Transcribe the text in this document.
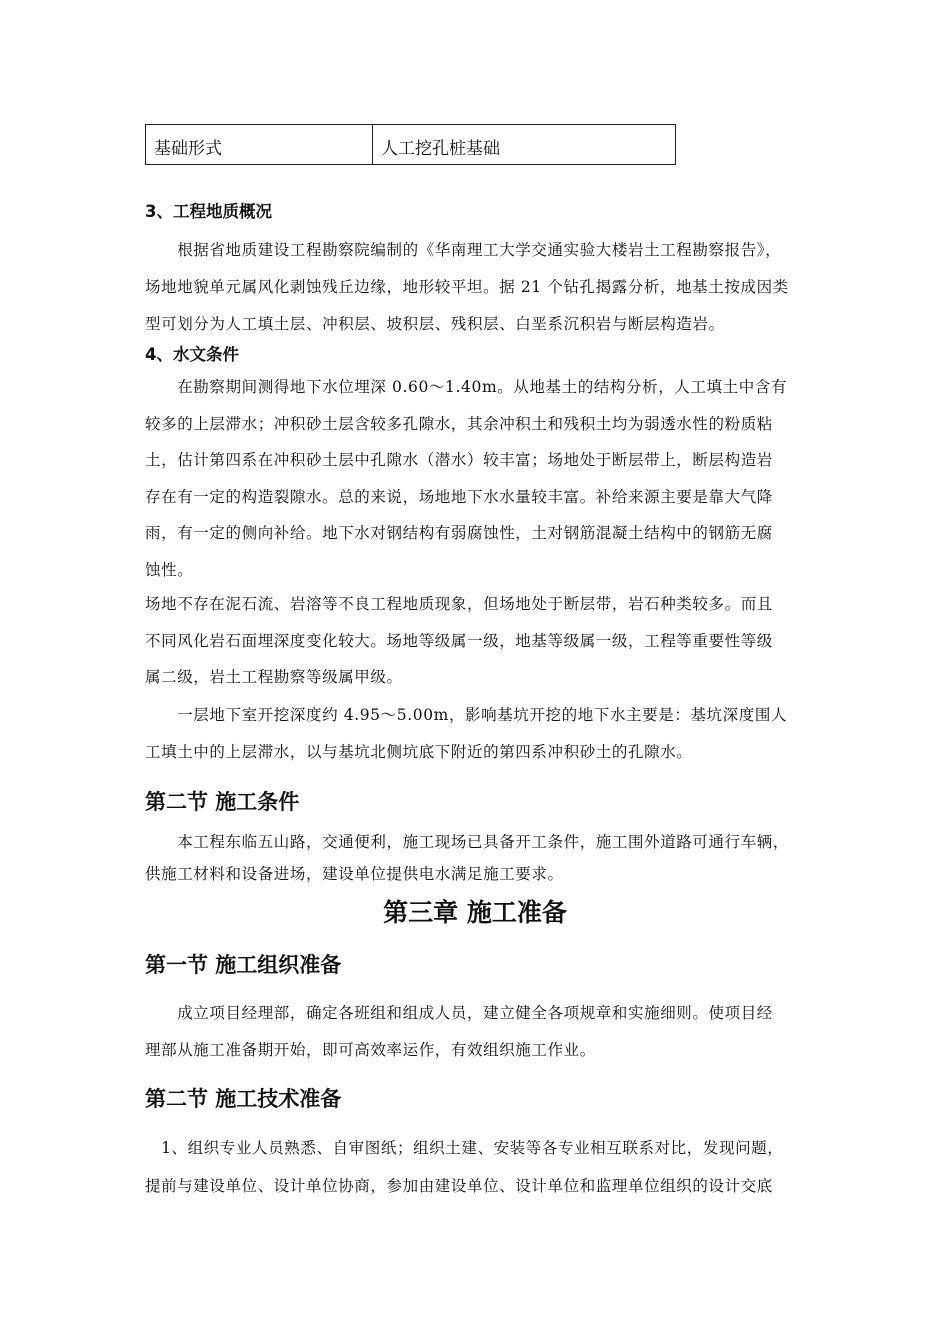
基础形式	人工挖孔桩基础
3、工程地质概况

　　根据省地质建设工程勘察院编制的《华南理工大学交通实验大楼岩土工程勘察报告》，

场地地貌单元属风化剥蚀残丘边缘，地形较平坦。据 21 个钻孔揭露分析，地基土按成因类

型可划分为人工填土层、冲积层、坡积层、残积层、白垩系沉积岩与断层构造岩。

4、水文条件

　　在勘察期间测得地下水位埋深 0.60～1.40m。从地基土的结构分析，人工填土中含有

较多的上层滞水；冲积砂土层含较多孔隙水，其余冲积土和残积土均为弱透水性的粉质粘

土，估计第四系在冲积砂土层中孔隙水（潜水）较丰富；场地处于断层带上，断层构造岩

存在有一定的构造裂隙水。总的来说，场地地下水水量较丰富。补给来源主要是靠大气降

雨，有一定的侧向补给。地下水对钢结构有弱腐蚀性，土对钢筋混凝土结构中的钢筋无腐

蚀性。

场地不存在泥石流、岩溶等不良工程地质现象，但场地处于断层带，岩石种类较多。而且

不同风化岩石面埋深度变化较大。场地等级属一级，地基等级属一级，工程等重要性等级

属二级，岩土工程勘察等级属甲级。

　　一层地下室开挖深度约 4.95～5.00m，影响基坑开挖的地下水主要是：基坑深度围人

工填土中的上层滞水，以与基坑北侧坑底下附近的第四系冲积砂土的孔隙水。

第二节 施工条件

　　本工程东临五山路，交通便利，施工现场已具备开工条件，施工围外道路可通行车辆，

供施工材料和设备进场，建设单位提供电水满足施工要求。

第三章 施工准备
第一节 施工组织准备

　　成立项目经理部，确定各班组和组成人员，建立健全各项规章和实施细则。使项目经

理部从施工准备期开始，即可高效率运作，有效组织施工作业。

第二节 施工技术准备

　1、组织专业人员熟悉、自审图纸；组织土建、安装等各专业相互联系对比，发现问题，

提前与建设单位、设计单位协商，参加由建设单位、设计单位和监理单位组织的设计交底
